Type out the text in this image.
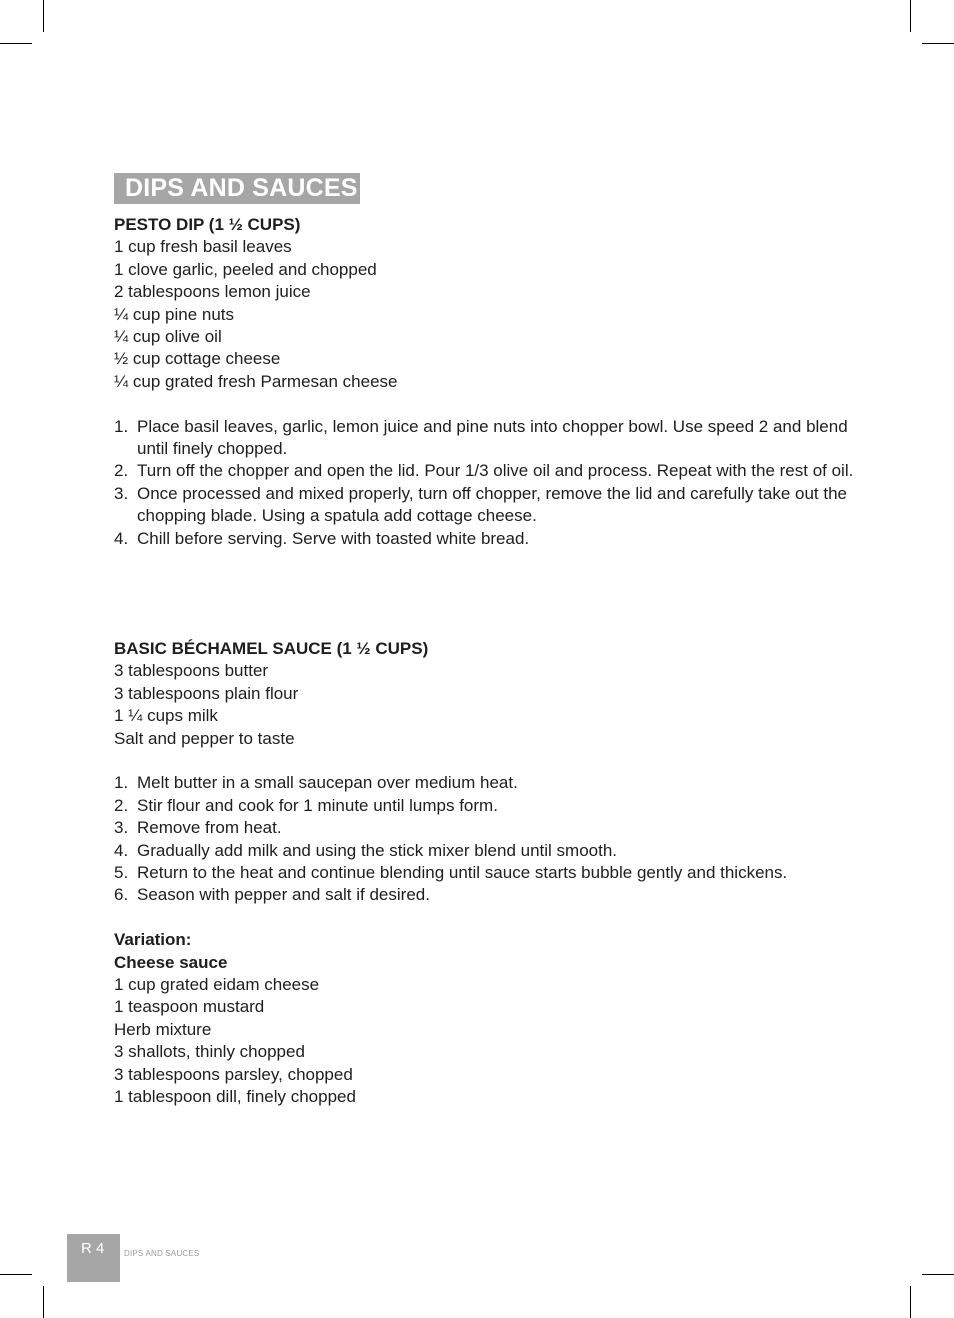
DIPS AND SAUCES
PESTO DIP (1 ½ CUPS)
1 cup fresh basil leaves
1 clove garlic, peeled and chopped
2 tablespoons lemon juice
¼ cup pine nuts
¼ cup olive oil
½ cup cottage cheese
¼ cup grated fresh Parmesan cheese
1. Place basil leaves, garlic, lemon juice and pine nuts into chopper bowl. Use speed 2 and blend until finely chopped.
2. Turn off the chopper and open the lid. Pour 1/3 olive oil and process. Repeat with the rest of oil.
3. Once processed and mixed properly, turn off chopper, remove the lid and carefully take out the chopping blade. Using a spatula add cottage cheese.
4. Chill before serving. Serve with toasted white bread.
BASIC BÉCHAMEL SAUCE (1 ½ CUPS)
3 tablespoons butter
3 tablespoons plain flour
1 ¼ cups milk
Salt and pepper to taste
1. Melt butter in a small saucepan over medium heat.
2. Stir flour and cook for 1 minute until lumps form.
3. Remove from heat.
4. Gradually add milk and using the stick mixer blend until smooth.
5. Return to the heat and continue blending until sauce starts bubble gently and thickens.
6. Season with pepper and salt if desired.
Variation:
Cheese sauce
1 cup grated eidam cheese
1 teaspoon mustard
Herb mixture
3 shallots, thinly chopped
3 tablespoons parsley, chopped
1 tablespoon dill, finely chopped
R 4	DIPS AND SAUCES
